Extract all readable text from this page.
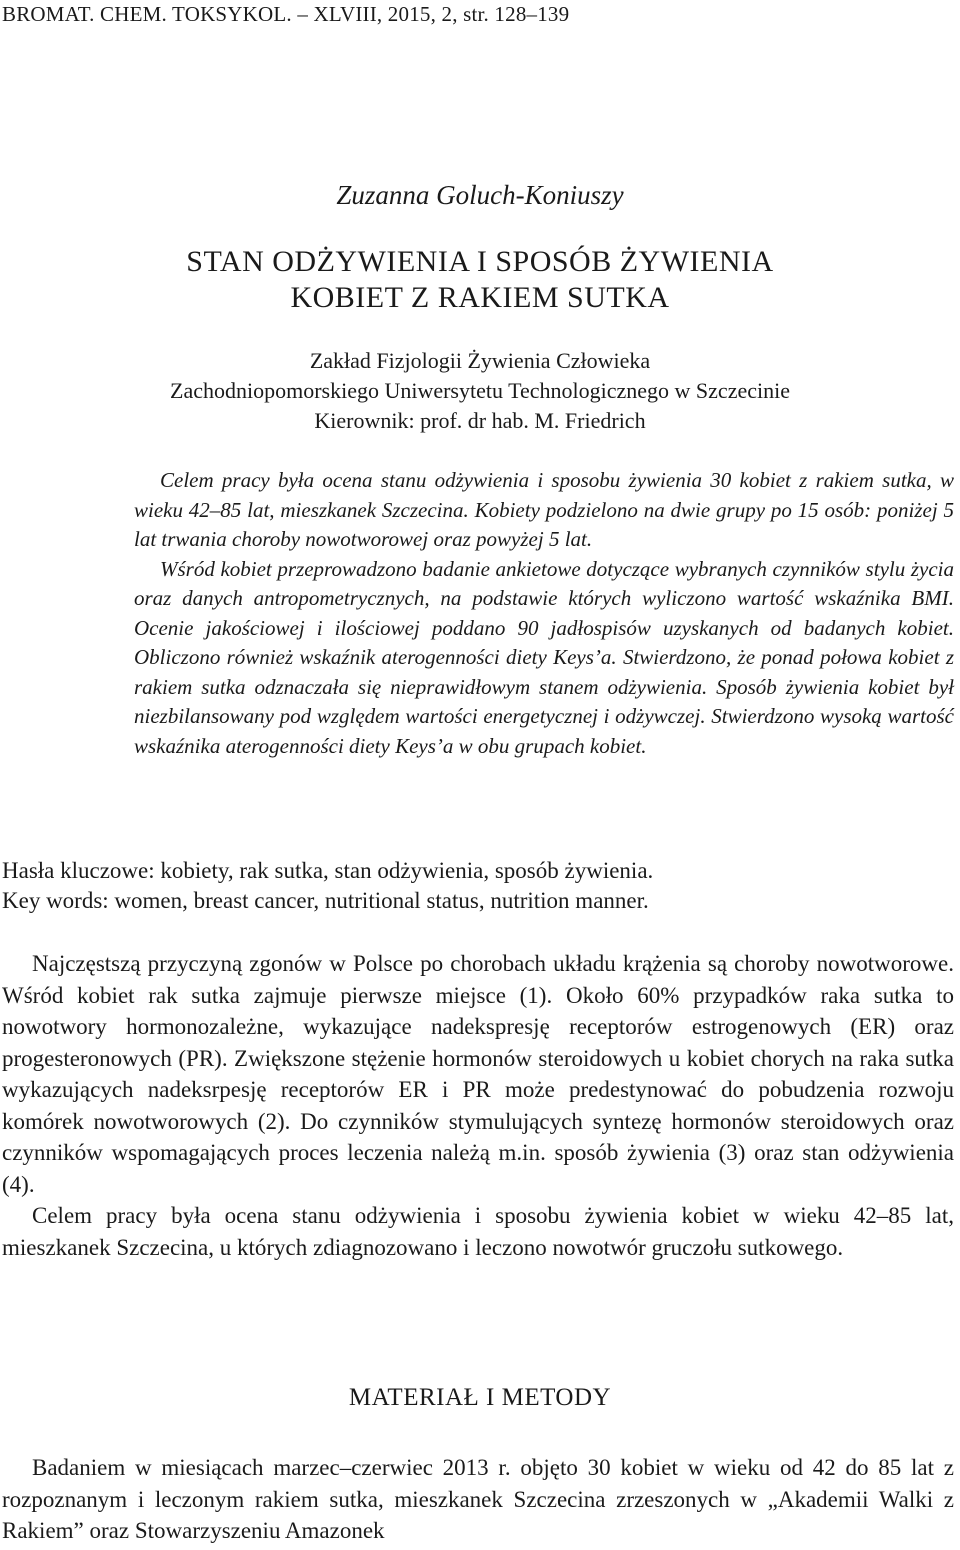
BROMAT. CHEM. TOKSYKOL. – XLVIII, 2015, 2, str. 128–139
Zuzanna Goluch-Koniuszy
STAN ODŻYWIENIA I SPOSÓB ŻYWIENIA
KOBIET Z RAKIEM SUTKA
Zakład Fizjologii Żywienia Człowieka
Zachodniopomorskiego Uniwersytetu Technologicznego w Szczecinie
Kierownik: prof. dr hab. M. Friedrich

Celem pracy była ocena stanu odżywienia i sposobu żywienia 30 kobiet z rakiem sutka, w wieku 42–85 lat, mieszkanek Szczecina. Kobiety podzielono na dwie grupy po 15 osób: poniżej 5 lat trwania choroby nowotworowej oraz powyżej 5 lat.

Wśród kobiet przeprowadzono badanie ankietowe dotyczące wybranych czynników stylu życia oraz danych antropometrycznych, na podstawie których wyliczono wartość wskaźnika BMI. Ocenie jakościowej i ilościowej poddano 90 jadłospisów uzyskanych od badanych kobiet. Obliczono również wskaźnik aterogenności diety Keys’a. Stwierdzono, że ponad połowa kobiet z rakiem sutka odznaczała się nieprawidłowym stanem odżywienia. Sposób żywienia kobiet był niezbilansowany pod względem wartości energetycznej i odżywczej. Stwierdzono wysoką wartość wskaźnika aterogenności diety Keys’a w obu grupach kobiet.

Hasła kluczowe: kobiety, rak sutka, stan odżywienia, sposób żywienia.
Key words: women, breast cancer, nutritional status, nutrition manner.

Najczęstszą przyczyną zgonów w Polsce po chorobach układu krążenia są choroby nowotworowe. Wśród kobiet rak sutka zajmuje pierwsze miejsce (1). Około 60% przypadków raka sutka to nowotwory hormonozależne, wykazujące nadekspresję receptorów estrogenowych (ER) oraz progesteronowych (PR). Zwiększone stężenie hormonów steroidowych u kobiet chorych na raka sutka wykazujących nadeksrpesję receptorów ER i PR może predestynować do pobudzenia rozwoju komórek nowotworowych (2). Do czynników stymulujących syntezę hormonów steroidowych oraz czynników wspomagających proces leczenia należą m.in. sposób żywienia (3) oraz stan odżywienia (4).

Celem pracy była ocena stanu odżywienia i sposobu żywienia kobiet w wieku 42–85 lat, mieszkanek Szczecina, u których zdiagnozowano i leczono nowotwór gruczołu sutkowego.

MATERIAŁ I METODY

Badaniem w miesiącach marzec–czerwiec 2013 r. objęto 30 kobiet w wieku od 42 do 85 lat z rozpoznanym i leczonym rakiem sutka, mieszkanek Szczecina zrzeszonych w „Akademii Walki z Rakiem” oraz Stowarzyszeniu Amazonek
